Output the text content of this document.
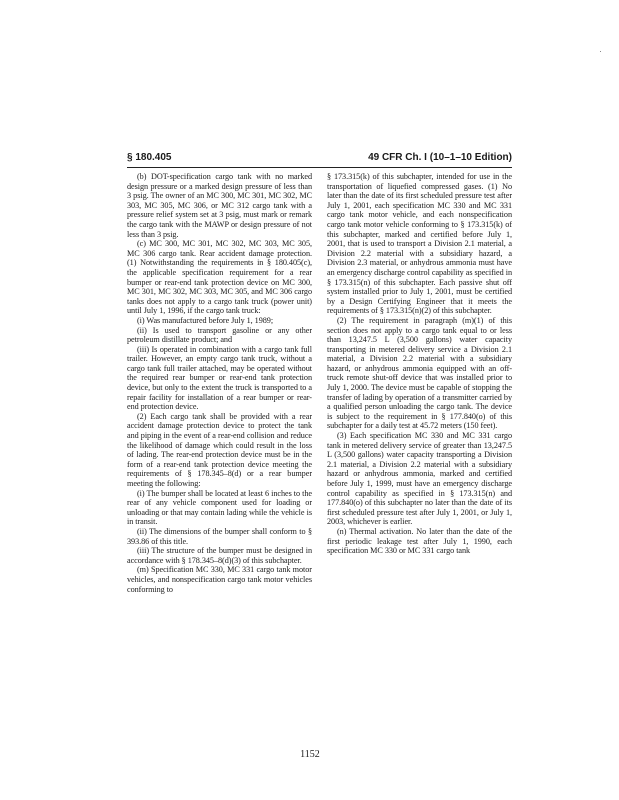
§ 180.405	49 CFR Ch. I (10–1–10 Edition)

(b) DOT-specification cargo tank with no marked design pressure or a marked design pressure of less than 3 psig. The owner of an MC 300, MC 301, MC 302, MC 303, MC 305, MC 306, or MC 312 cargo tank with a pressure relief system set at 3 psig, must mark or remark the cargo tank with the MAWP or design pressure of not less than 3 psig.

(c) MC 300, MC 301, MC 302, MC 303, MC 305, MC 306 cargo tank. Rear accident damage protection. (1) Notwithstanding the requirements in § 180.405(c), the applicable specification requirement for a rear bumper or rear-end tank protection device on MC 300, MC 301, MC 302, MC 303, MC 305, and MC 306 cargo tanks does not apply to a cargo tank truck (power unit) until July 1, 1996, if the cargo tank truck:

(i) Was manufactured before July 1, 1989;

(ii) Is used to transport gasoline or any other petroleum distillate product; and

(iii) Is operated in combination with a cargo tank full trailer. However, an empty cargo tank truck, without a cargo tank full trailer attached, may be operated without the required rear bumper or rear-end tank protection device, but only to the extent the truck is transported to a repair facility for installation of a rear bumper or rear-end protection device.

(2) Each cargo tank shall be provided with a rear accident damage protection device to protect the tank and piping in the event of a rear-end collision and reduce the likelihood of damage which could result in the loss of lading. The rear-end protection device must be in the form of a rear-end tank protection device meeting the requirements of § 178.345–8(d) or a rear bumper meeting the following:

(i) The bumper shall be located at least 6 inches to the rear of any vehicle component used for loading or unloading or that may contain lading while the vehicle is in transit.

(ii) The dimensions of the bumper shall conform to § 393.86 of this title.

(iii) The structure of the bumper must be designed in accordance with § 178.345–8(d)(3) of this subchapter.

(m) Specification MC 330, MC 331 cargo tank motor vehicles, and nonspecification cargo tank motor vehicles conforming to

§ 173.315(k) of this subchapter, intended for use in the transportation of liquefied compressed gases. (1) No later than the date of its first scheduled pressure test after July 1, 2001, each specification MC 330 and MC 331 cargo tank motor vehicle, and each nonspecification cargo tank motor vehicle conforming to § 173.315(k) of this subchapter, marked and certified before July 1, 2001, that is used to transport a Division 2.1 material, a Division 2.2 material with a subsidiary hazard, a Division 2.3 material, or anhydrous ammonia must have an emergency discharge control capability as specified in § 173.315(n) of this subchapter. Each passive shut off system installed prior to July 1, 2001, must be certified by a Design Certifying Engineer that it meets the requirements of § 173.315(n)(2) of this subchapter.

(2) The requirement in paragraph (m)(1) of this section does not apply to a cargo tank equal to or less than 13,247.5 L (3,500 gallons) water capacity transporting in metered delivery service a Division 2.1 material, a Division 2.2 material with a subsidiary hazard, or anhydrous ammonia equipped with an off-truck remote shut-off device that was installed prior to July 1, 2000. The device must be capable of stopping the transfer of lading by operation of a transmitter carried by a qualified person unloading the cargo tank. The device is subject to the requirement in § 177.840(o) of this subchapter for a daily test at 45.72 meters (150 feet).

(3) Each specification MC 330 and MC 331 cargo tank in metered delivery service of greater than 13,247.5 L (3,500 gallons) water capacity transporting a Division 2.1 material, a Division 2.2 material with a subsidiary hazard or anhydrous ammonia, marked and certified before July 1, 1999, must have an emergency discharge control capability as specified in § 173.315(n) and 177.840(o) of this subchapter no later than the date of its first scheduled pressure test after July 1, 2001, or July 1, 2003, whichever is earlier.

(n) Thermal activation. No later than the date of the first periodic leakage test after July 1, 1990, each specification MC 330 or MC 331 cargo tank

1152
